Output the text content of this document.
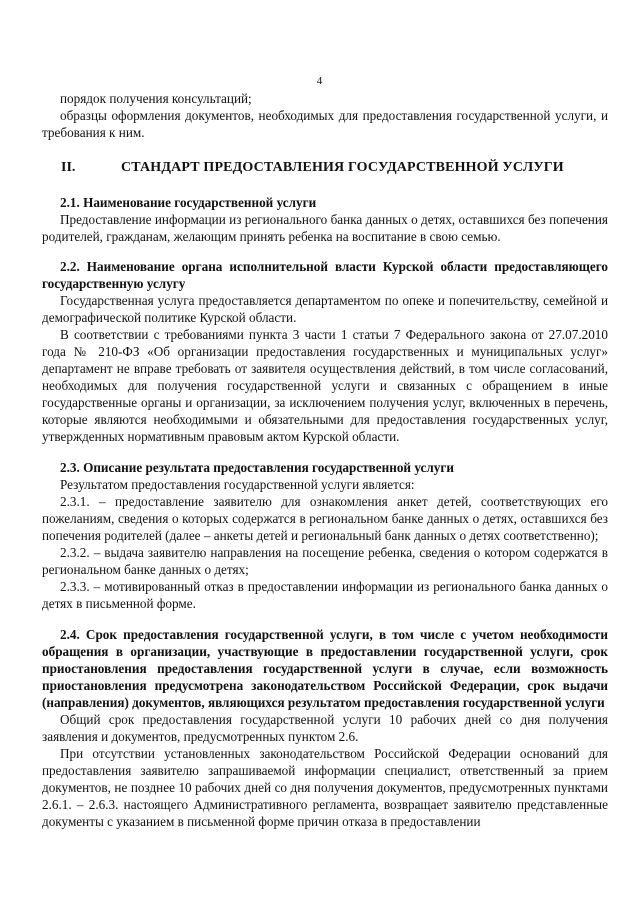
4

порядок получения консультаций;

образцы оформления документов, необходимых для предоставления государственной услуги, и требования к ним.

II.	СТАНДАРТ ПРЕДОСТАВЛЕНИЯ ГОСУДАРСТВЕННОЙ УСЛУГИ

2.1. Наименование государственной услуги

Предоставление информации из регионального банка данных о детях, оставшихся без попечения родителей, гражданам, желающим принять ребенка на воспитание в свою семью.

2.2. Наименование органа исполнительной власти Курской области предоставляющего государственную услугу

Государственная услуга предоставляется департаментом по опеке и попечительству, семейной и демографической политике Курской области.

В соответствии с требованиями пункта 3 части 1 статьи 7 Федерального закона от 27.07.2010 года № 210-ФЗ «Об организации предоставления государственных и муниципальных услуг» департамент не вправе требовать от заявителя осуществления действий, в том числе согласований, необходимых для получения государственной услуги и связанных с обращением в иные государственные органы и организации, за исключением получения услуг, включенных в перечень, которые являются необходимыми и обязательными для предоставления государственных услуг, утвержденных нормативным правовым актом Курской области.

2.3. Описание результата предоставления государственной услуги

Результатом предоставления государственной услуги является:

2.3.1. – предоставление заявителю для ознакомления анкет детей, соответствующих его пожеланиям, сведения о которых содержатся в региональном банке данных о детях, оставшихся без попечения родителей (далее – анкеты детей и региональный банк данных о детях соответственно);

2.3.2. – выдача заявителю направления на посещение ребенка, сведения о котором содержатся в региональном банке данных о детях;

2.3.3. – мотивированный отказ в предоставлении информации из регионального банка данных о детях в письменной форме.

2.4. Срок предоставления государственной услуги, в том числе с учетом необходимости обращения в организации, участвующие в предоставлении государственной услуги, срок приостановления предоставления государственной услуги в случае, если возможность приостановления предусмотрена законодательством Российской Федерации, срок выдачи (направления) документов, являющихся результатом предоставления государственной услуги

Общий срок предоставления государственной услуги 10 рабочих дней со дня получения заявления и документов, предусмотренных пунктом 2.6.

При отсутствии установленных законодательством Российской Федерации оснований для предоставления заявителю запрашиваемой информации специалист, ответственный за прием документов, не позднее 10 рабочих дней со дня получения документов, предусмотренных пунктами 2.6.1. – 2.6.3. настоящего Административного регламента, возвращает заявителю представленные документы с указанием в письменной форме причин отказа в предоставлении
